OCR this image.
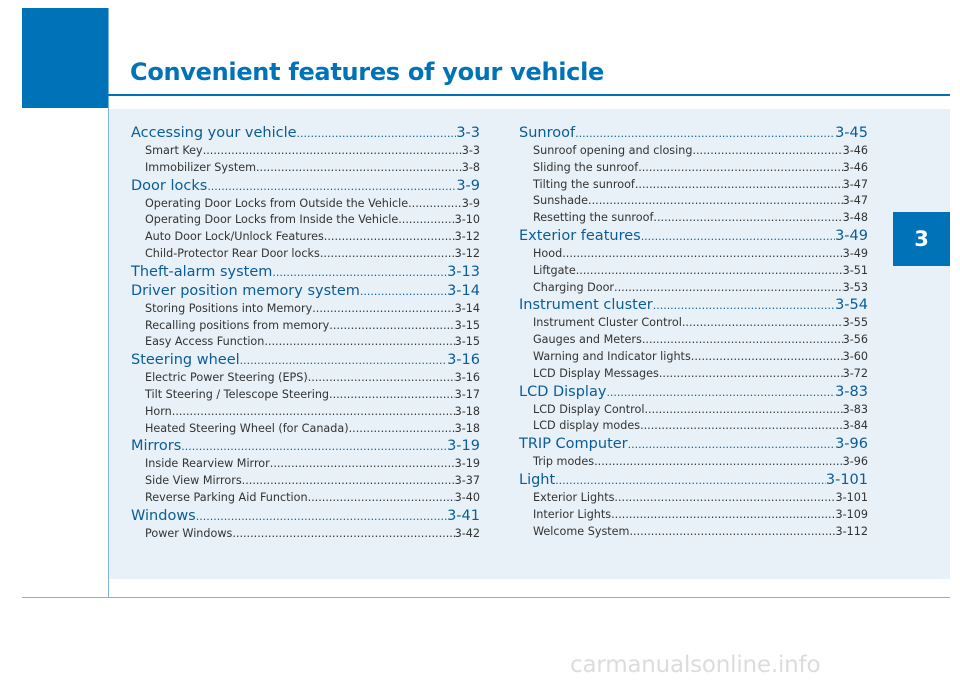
Convenient features of your vehicle
3
Accessing your vehicle .....	3-3
Smart Key .....	3-3
Immobilizer System .....	3-8
Door locks .....	3-9
Operating Door Locks from Outside the Vehicle .....	3-9
Operating Door Locks from Inside the Vehicle .....	3-10
Auto Door Lock/Unlock Features .....	3-12
Child-Protector Rear Door locks .....	3-12
Theft-alarm system .....	3-13
Driver position memory system .....	3-14
Storing Positions into Memory .....	3-14
Recalling positions from memory .....	3-15
Easy Access Function .....	3-15
Steering wheel .....	3-16
Electric Power Steering (EPS) .....	3-16
Tilt Steering / Telescope Steering .....	3-17
Horn .....	3-18
Heated Steering Wheel (for Canada) .....	3-18
Mirrors .....	3-19
Inside Rearview Mirror .....	3-19
Side View Mirrors .....	3-37
Reverse Parking Aid Function .....	3-40
Windows .....	3-41
Power Windows .....	3-42
Sunroof .....	3-45
Sunroof opening and closing .....	3-46
Sliding the sunroof .....	3-46
Tilting the sunroof .....	3-47
Sunshade .....	3-47
Resetting the sunroof .....	3-48
Exterior features .....	3-49
Hood .....	3-49
Liftgate .....	3-51
Charging Door .....	3-53
Instrument cluster .....	3-54
Instrument Cluster Control .....	3-55
Gauges and Meters .....	3-56
Warning and Indicator lights .....	3-60
LCD Display Messages .....	3-72
LCD Display .....	3-83
LCD Display Control .....	3-83
LCD display modes .....	3-84
TRIP Computer .....	3-96
Trip modes .....	3-96
Light .....	3-101
Exterior Lights .....	3-101
Interior Lights .....	3-109
Welcome System .....	3-112
carmanualsonline.info
